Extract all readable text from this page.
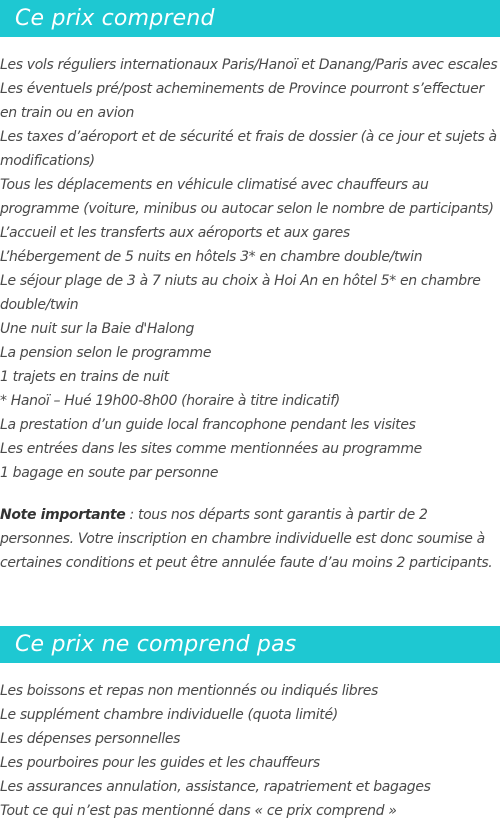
Ce prix comprend
Les vols réguliers internationaux Paris/Hanoï et Danang/Paris avec escales
Les éventuels pré/post acheminements de Province pourront s’effectuer en train ou en avion
Les taxes d’aéroport et de sécurité et frais de dossier (à ce jour et sujets à modifications)
Tous les déplacements en véhicule climatisé avec chauffeurs au programme (voiture, minibus ou autocar selon le nombre de participants)
L’accueil et les transferts aux aéroports et aux gares
L’hébergement de 5 nuits en hôtels 3* en chambre double/twin
Le séjour plage de 3 à 7 niuts au choix à Hoi An en hôtel 5* en chambre double/twin
Une nuit sur la Baie d'Halong
La pension selon le programme
1 trajets en trains de nuit
* Hanoï – Hué 19h00-8h00 (horaire à titre indicatif)
La prestation d’un guide local francophone pendant les visites
Les entrées dans les sites comme mentionnées au programme
1 bagage en soute par personne

Note importante : tous nos départs sont garantis à partir de 2 personnes. Votre inscription en chambre individuelle est donc soumise à certaines conditions et peut être annulée faute d’au moins 2 participants.

Ce prix ne comprend pas
Les boissons et repas non mentionnés ou indiqués libres
Le supplément chambre individuelle (quota limité)
Les dépenses personnelles
Les pourboires pour les guides et les chauffeurs
Les assurances annulation, assistance, rapatriement et bagages
Tout ce qui n’est pas mentionné dans « ce prix comprend »
